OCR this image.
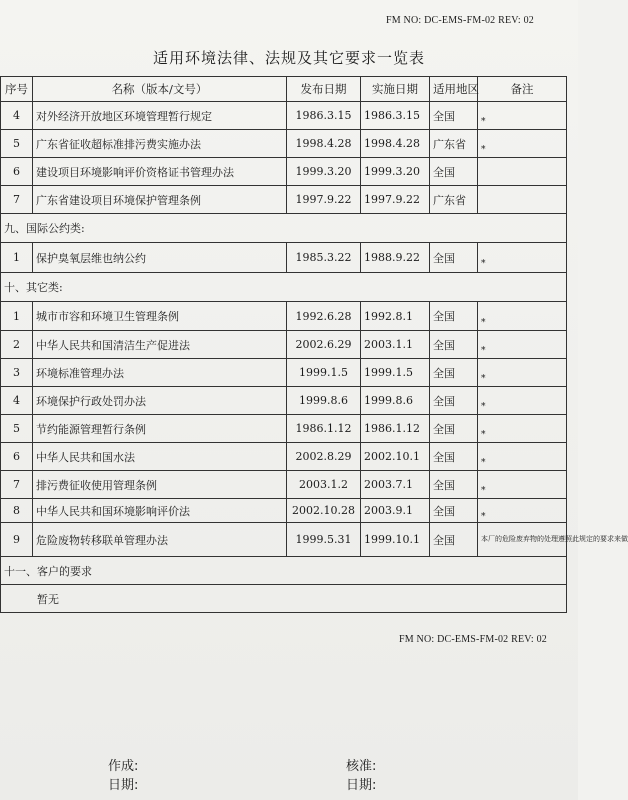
FM NO: DC-EMS-FM-02 REV: 02
适用环境法律、法规及其它要求一览表
序号	名称（版本/文号）	发布日期	实施日期	适用地区	备注
4	对外经济开放地区环境管理暂行规定	1986.3.15	1986.3.15	全国	$_*$
5	广东省征收超标准排污费实施办法	1998.4.28	1998.4.28	广东省	$_*$
6	建设项目环境影响评价资格证书管理办法	1999.3.20	1999.3.20	全国	
7	广东省建设项目环境保护管理条例	1997.9.22	1997.9.22	广东省	
九、国际公约类:					
1	保护臭氧层维也纳公约	1985.3.22	1988.9.22	全国	$_*$
十、其它类:					
1	城市市容和环境卫生管理条例	1992.6.28	1992.8.1	全国	$_*$
2	中华人民共和国清洁生产促进法	2002.6.29	2003.1.1	全国	$_*$
3	环境标准管理办法	1999.1.5	1999.1.5	全国	$_*$
4	环境保护行政处罚办法	1999.8.6	1999.8.6	全国	$_*$
5	节约能源管理暂行条例	1986.1.12	1986.1.12	全国	$_*$
6	中华人民共和国水法	2002.8.29	2002.10.1	全国	$_*$
7	排污费征收使用管理条例	2003.1.2	2003.7.1	全国	$_*$
8	中华人民共和国环境影响评价法	2002.10.28	2003.9.1	全国	$_*$
9	危险废物转移联单管理办法	1999.5.31	1999.10.1	全国	本厂的危险废弃物的处理遵照此规定的要求来做
十一、客户的要求					
暂无					
FM NO: DC-EMS-FM-02 REV: 02
作成:
日期:
核准:
日期:
